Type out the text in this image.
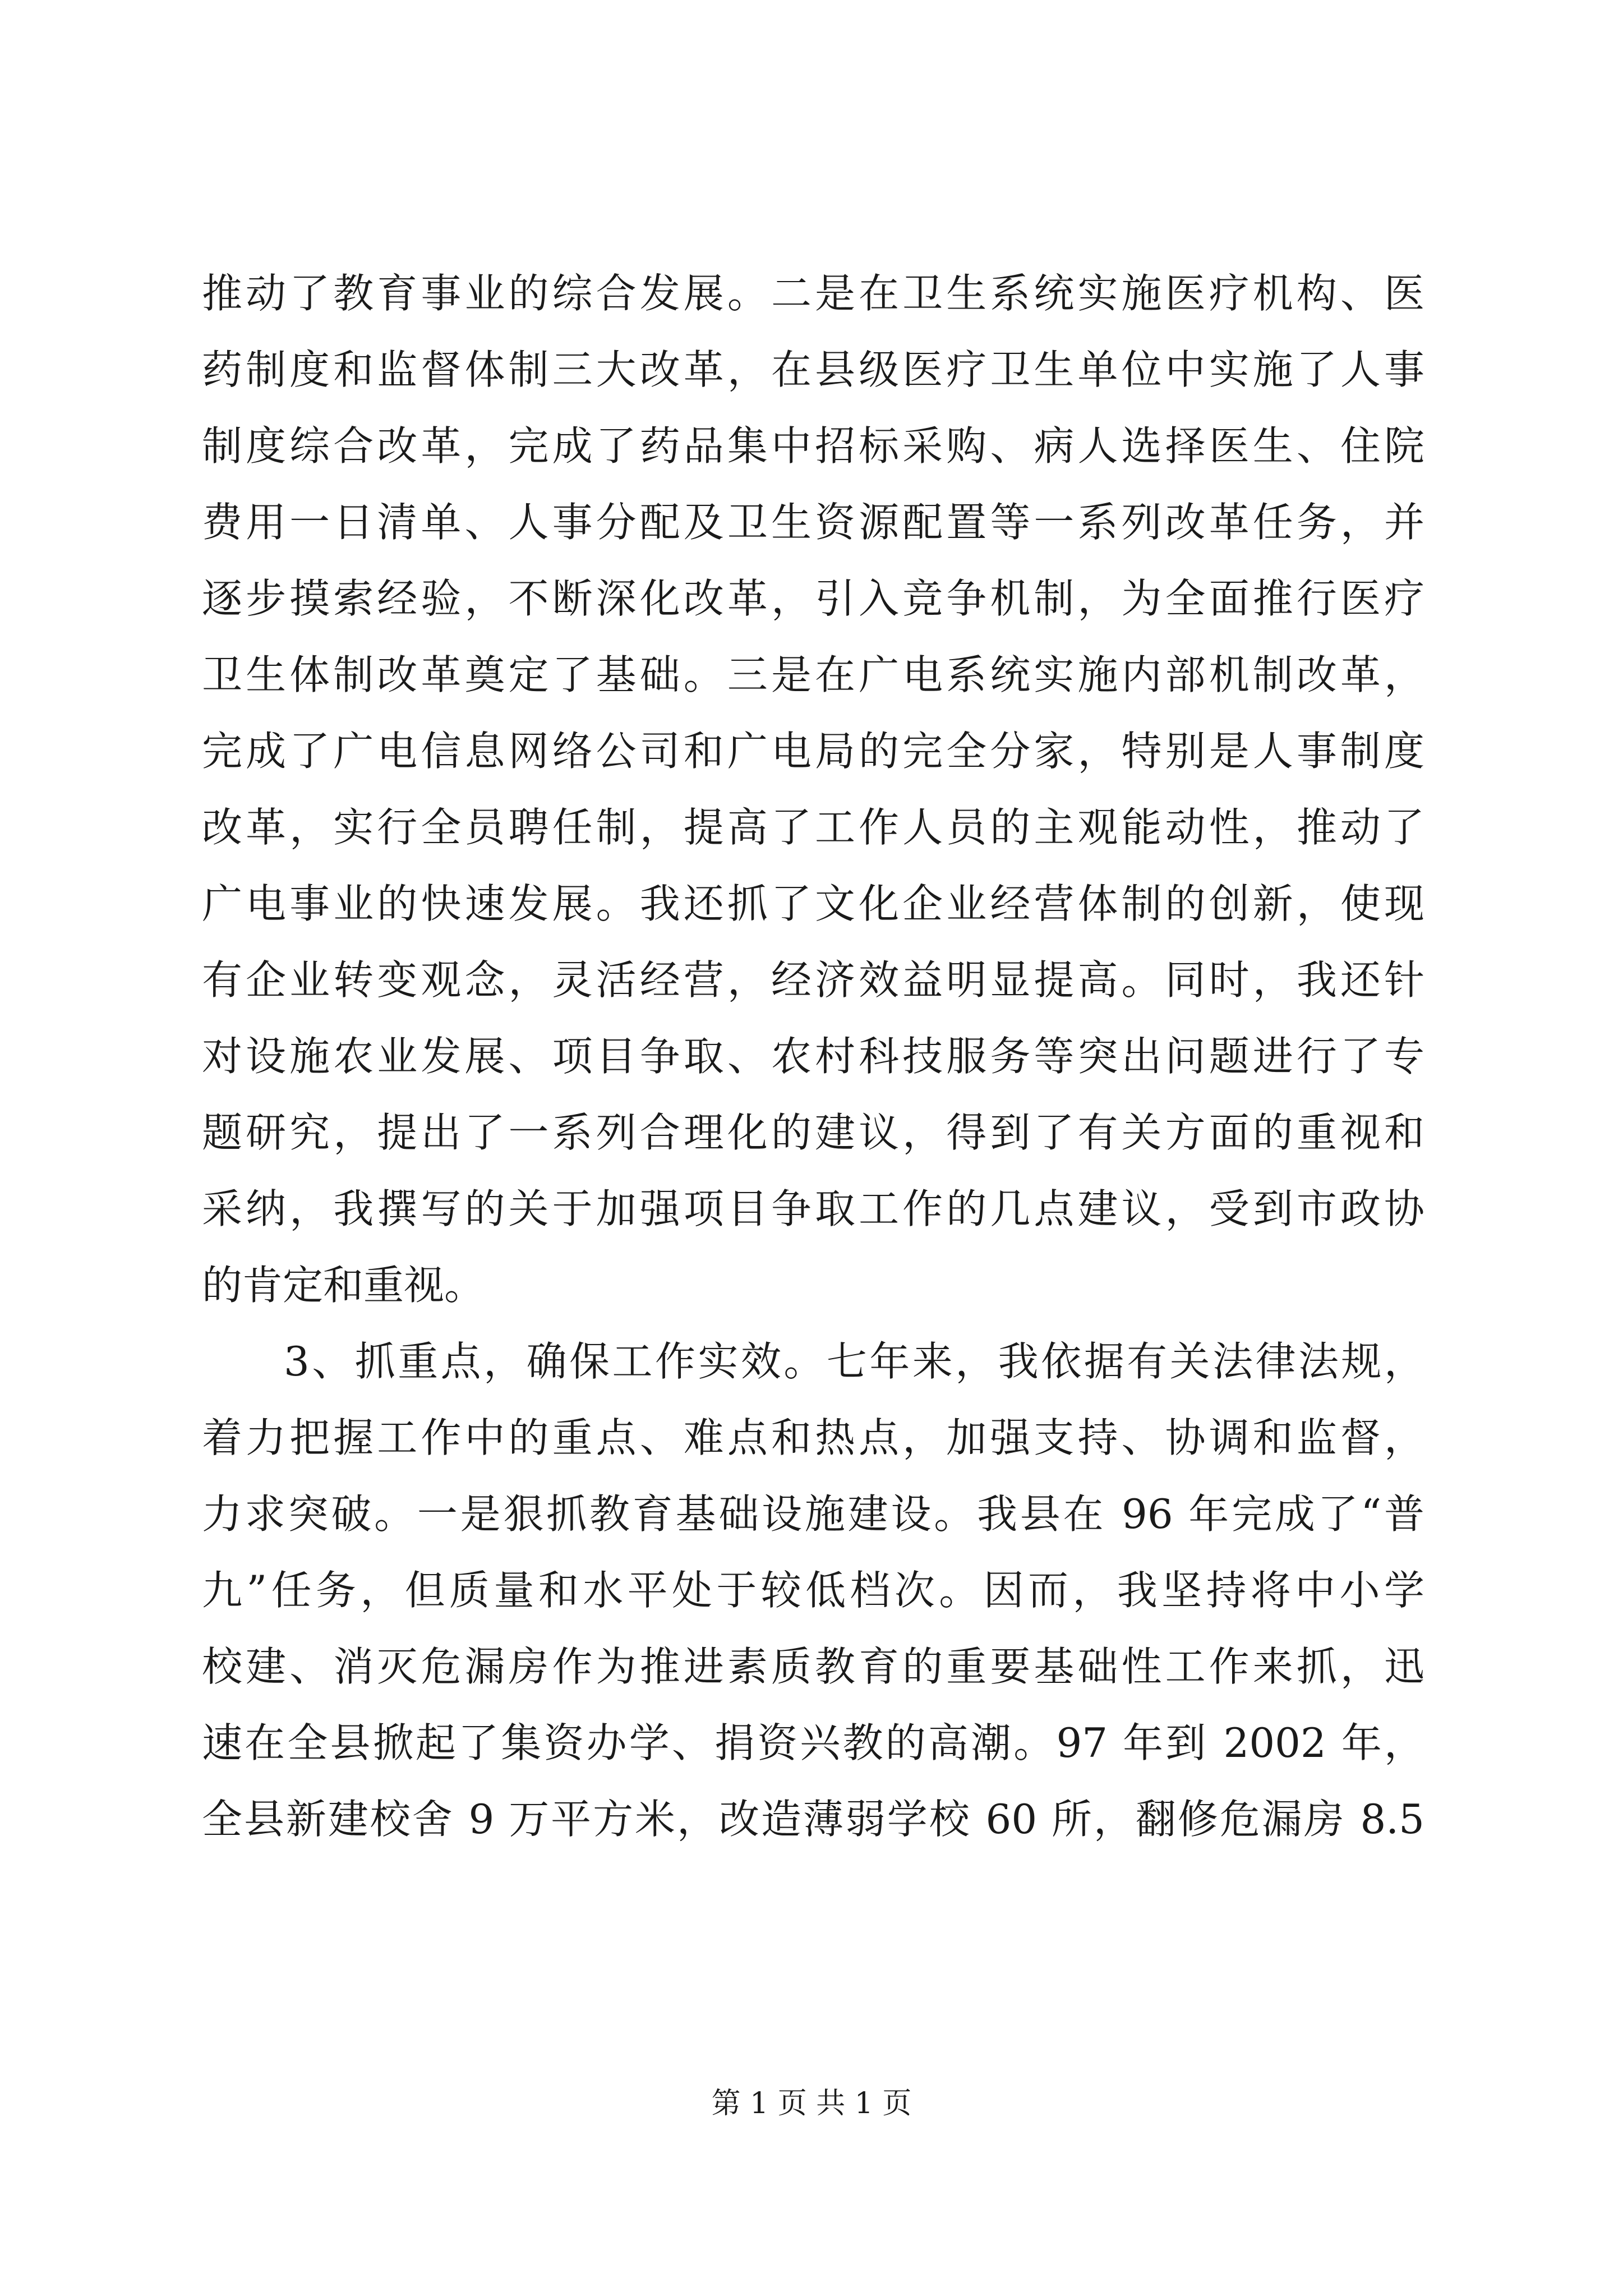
推动了教育事业的综合发展。二是在卫生系统实施医疗机构、医
药制度和监督体制三大改革，在县级医疗卫生单位中实施了人事
制度综合改革，完成了药品集中招标采购、病人选择医生、住院
费用一日清单、人事分配及卫生资源配置等一系列改革任务，并
逐步摸索经验，不断深化改革，引入竞争机制，为全面推行医疗
卫生体制改革奠定了基础。三是在广电系统实施内部机制改革，
完成了广电信息网络公司和广电局的完全分家，特别是人事制度
改革，实行全员聘任制，提高了工作人员的主观能动性，推动了
广电事业的快速发展。我还抓了文化企业经营体制的创新，使现
有企业转变观念，灵活经营，经济效益明显提高。同时，我还针
对设施农业发展、项目争取、农村科技服务等突出问题进行了专
题研究，提出了一系列合理化的建议，得到了有关方面的重视和
采纳，我撰写的关于加强项目争取工作的几点建议，受到市政协
的肯定和重视。
3、抓重点，确保工作实效。七年来，我依据有关法律法规，
着力把握工作中的重点、难点和热点，加强支持、协调和监督，
力求突破。一是狠抓教育基础设施建设。我县在 96 年完成了“普
九”任务，但质量和水平处于较低档次。因而，我坚持将中小学
校建、消灭危漏房作为推进素质教育的重要基础性工作来抓，迅
速在全县掀起了集资办学、捐资兴教的高潮。97 年到 2002 年，
全县新建校舍 9 万平方米，改造薄弱学校 60 所，翻修危漏房 8.5
第 1 页 共 1 页
